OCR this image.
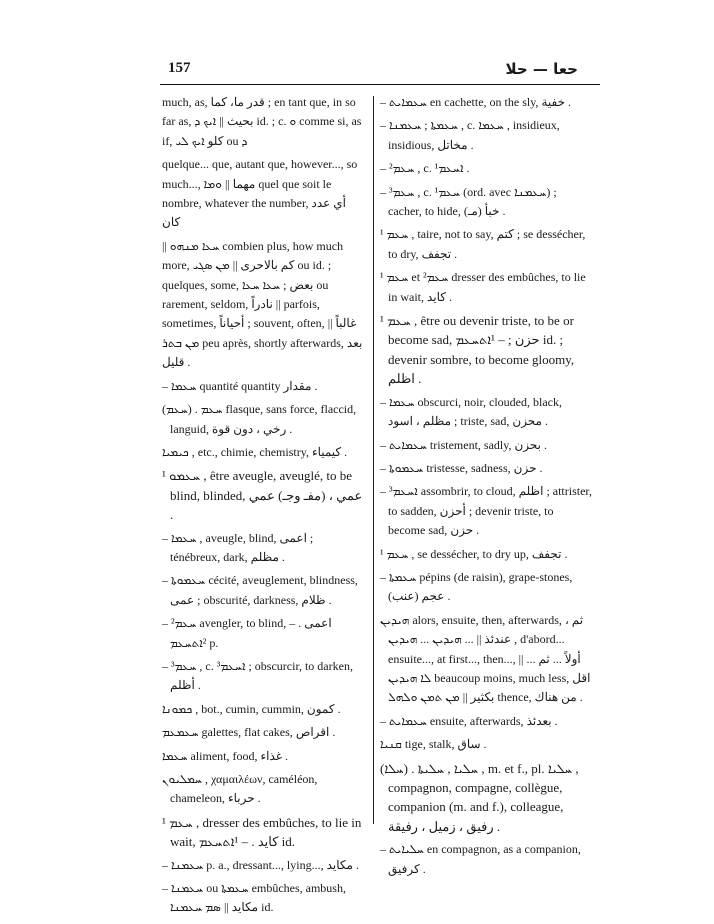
157	حعا — حلا

much, as, قدر ما، كما ; en tant que, in so far as, بحيث || ܐܝܟ ܕ id. ; c. ܘ comme si, as if, كلو ܐܝܟ ܠܝ ou ܕ

quelque... que, autant que, however..., so much..., مهما || ܘܡܐ quel que soit le nombre, whatever the number, أي عدد كان

|| ܚܥܐ ܡܢܗܘ combien plus, how much more, كم بالاحرى || ܡܢ ܣܓܝ ou id. ; quelques, some, بعض ; ܚܥܐ ܚܥܐ ou rarement, seldom, نادراً || parfois, sometimes, أحياناً ; souvent, often, غالباً || ܡܢ ܒܬܪ peu après, shortly afterwards, بعد قليل .

– ܚܥܡܐ quantité quantity مقدار .

(ܚܥܡ) . ܚܥܡ flasque, sans force, flaccid, languid, رخي ، دون قوة .

ܟܝܡܝܐ , etc., chimie, chemistry, كيمياء .

¹ ܚܥܡܘ , être aveugle, aveuglé, to be blind, blinded, عمي ، (مفـ وجـ) عمي .

– ܚܥܡܐ , aveugle, blind, اعمى ; ténébreux, dark, مظلم .

– ܚܥܡܘܬܐ cécité, aveuglement, blindness, عمى ; obscurité, darkness, ظلام .

– ²ܚܥܡ avengler, to blind, اعمى . – ²ܐܬܚܥܡ p.

– ³ܚܥܡ , c. ³ܐܚܥܡ ; obscurcir, to darken, أظلم .

ܟܡܘܢܐ , bot., cumin, cummin, كمون .

ܚܥܡܥܡ galettes, flat cakes, اقراص .

ܚܥܡܐ aliment, food, غذاء .

ܚܡܠܝܘܢ , χαμαιλέων, caméléon, chameleon, حرباء .

¹ ܚܥܡ , dresser des embûches, to lie in wait, كايد . – ¹ܐܬܚܥܡ id.

– ܚܥܡܢܐ p. a., dressant..., lying..., مكايد .

– ܚܥܡܢܐ ou ܚܥܡܬܐ embûches, ambush, مكايد || ܣܡ ܚܥܡܢܐ id.

– ܚܥܡܐܝܬ en cachette, on the sly, خفية .

– ܚܥܡܬܐ ; ܚܥܡܢܐ , c. ܚܥܡܐ , insidieux, insidious, مخاتل .

– ²ܚܥܡ , c. ¹ܐܚܥܡ .

– ³ܚܥܡ , c. ¹ܚܥܡ (ord. avec ܚܥܡܢܐ) ; cacher, to hide, (مـ) خبأ .

¹ ܚܥܡ , taire, not to say, كتم ; se dessécher, to dry, تجفف .

¹ ܚܥܡ et ²ܚܥܡ dresser des embûches, to lie in wait, كايد .

¹ ܚܥܡ , être ou devenir triste, to be or become sad, حزن ; – ¹ܐܬܚܥܡ id. ; devenir sombre, to become gloomy, اظلم .

– ܚܥܡܐ obscurci, noir, clouded, black, مظلم ، اسود ; triste, sad, محزن .

– ܚܥܡܐܝܬ tristement, sadly, بحزن .

– ܚܥܡܘܬܐ tristesse, sadness, حزن .

– ³ܐܚܥܡ assombrir, to cloud, اظلم ; attrister, to sadden, أحزن ; devenir triste, to become sad, حزن .

¹ ܚܥܡ , se dessécher, to dry up, تجفف .

– ܚܥܡܬܐ pépins (de raisin), grape-stones, عجم (عنب) .

ܗܝܕܝܢ alors, ensuite, then, afterwards, ثم ، عندئذ || ... ܗܝܕܝܢ ... ܗܝܕܝܢ , d'abord... ensuite..., at first..., then..., أولاً ... ثم ... || ܠܐ ܗܝܕܝܢ beaucoup moins, much less, اقل بكثير || ܡܢ ܬܡܢ ܘܠܗܠ thence, من هناك .

– ܚܥܡܐܝܬ ensuite, afterwards, بعدئذ .

ܩܢܝܐ tige, stalk, ساق .

(ܚܠܐ) . ܚܠܝܐ , ܚܠܝܬܐ , m. et f., pl. ܚܠܝܐ , compagnon, compagne, collègue, companion (m. and f.), colleague, رفيق ، زميل ، رفيقة .

– ܚܠܝܐܝܬ en compagnon, as a companion, كرفيق .
